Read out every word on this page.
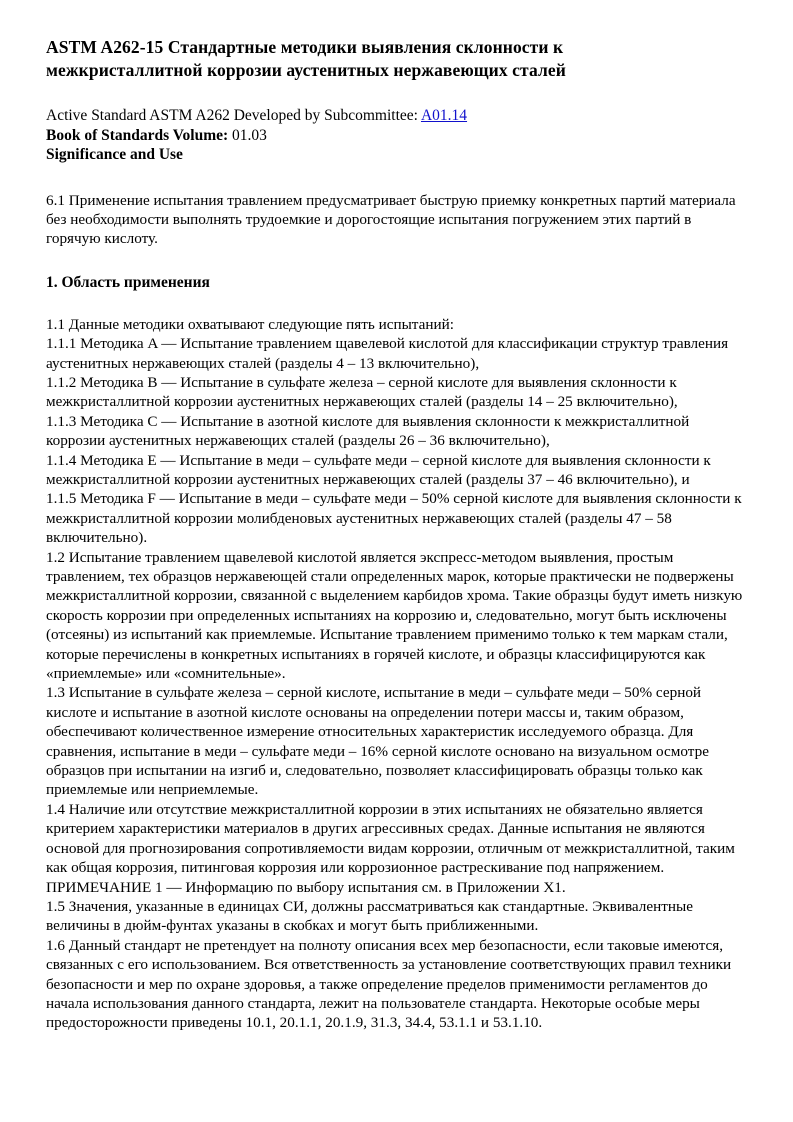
ASTM A262-15 Стандартные методики выявления склонности к межкристаллитной коррозии аустенитных нержавеющих сталей

Active Standard ASTM A262 Developed by Subcommittee: A01.14

Book of Standards Volume: 01.03

Significance and Use

6.1 Применение испытания травлением предусматривает быструю приемку конкретных партий материала без необходимости выполнять трудоемкие и дорогостоящие испытания погружением этих партий в горячую кислоту.

1. Область применения

1.1 Данные методики охватывают следующие пять испытаний:

1.1.1 Методика A — Испытание травлением щавелевой кислотой для классификации структур травления аустенитных нержавеющих сталей (разделы 4 – 13 включительно),

1.1.2 Методика B — Испытание в сульфате железа – серной кислоте для выявления склонности к межкристаллитной коррозии аустенитных нержавеющих сталей (разделы 14 – 25 включительно),

1.1.3 Методика C — Испытание в азотной кислоте для выявления склонности к межкристаллитной коррозии аустенитных нержавеющих сталей (разделы 26 – 36 включительно),

1.1.4 Методика E — Испытание в меди – сульфате меди – серной кислоте для выявления склонности к межкристаллитной коррозии аустенитных нержавеющих сталей (разделы 37 – 46 включительно), и

1.1.5 Методика F — Испытание в меди – сульфате меди – 50% серной кислоте для выявления склонности к межкристаллитной коррозии молибденовых аустенитных нержавеющих сталей (разделы 47 – 58 включительно).

1.2 Испытание травлением щавелевой кислотой является экспресс-методом выявления, простым травлением, тех образцов нержавеющей стали определенных марок, которые практически не подвержены межкристаллитной коррозии, связанной с выделением карбидов хрома. Такие образцы будут иметь низкую скорость коррозии при определенных испытаниях на коррозию и, следовательно, могут быть исключены (отсеяны) из испытаний как приемлемые. Испытание травлением применимо только к тем маркам стали, которые перечислены в конкретных испытаниях в горячей кислоте, и образцы классифицируются как «приемлемые» или «сомнительные».

1.3 Испытание в сульфате железа – серной кислоте, испытание в меди – сульфате меди – 50% серной кислоте и испытание в азотной кислоте основаны на определении потери массы и, таким образом, обеспечивают количественное измерение относительных характеристик исследуемого образца. Для сравнения, испытание в меди – сульфате меди – 16% серной кислоте основано на визуальном осмотре образцов при испытании на изгиб и, следовательно, позволяет классифицировать образцы только как приемлемые или неприемлемые.

1.4 Наличие или отсутствие межкристаллитной коррозии в этих испытаниях не обязательно является критерием характеристики материалов в других агрессивных средах. Данные испытания не являются основой для прогнозирования сопротивляемости видам коррозии, отличным от межкристаллитной, таким как общая коррозия, питинговая коррозия или коррозионное растрескивание под напряжением. ПРИМЕЧАНИЕ 1 — Информацию по выбору испытания см. в Приложении X1.

1.5 Значения, указанные в единицах СИ, должны рассматриваться как стандартные. Эквивалентные величины в дюйм-фунтах указаны в скобках и могут быть приближенными.

1.6 Данный стандарт не претендует на полноту описания всех мер безопасности, если таковые имеются, связанных с его использованием. Вся ответственность за установление соответствующих правил техники безопасности и мер по охране здоровья, а также определение пределов применимости регламентов до начала использования данного стандарта, лежит на пользователе стандарта. Некоторые особые меры предосторожности приведены 10.1, 20.1.1, 20.1.9, 31.3, 34.4, 53.1.1 и 53.1.10.
